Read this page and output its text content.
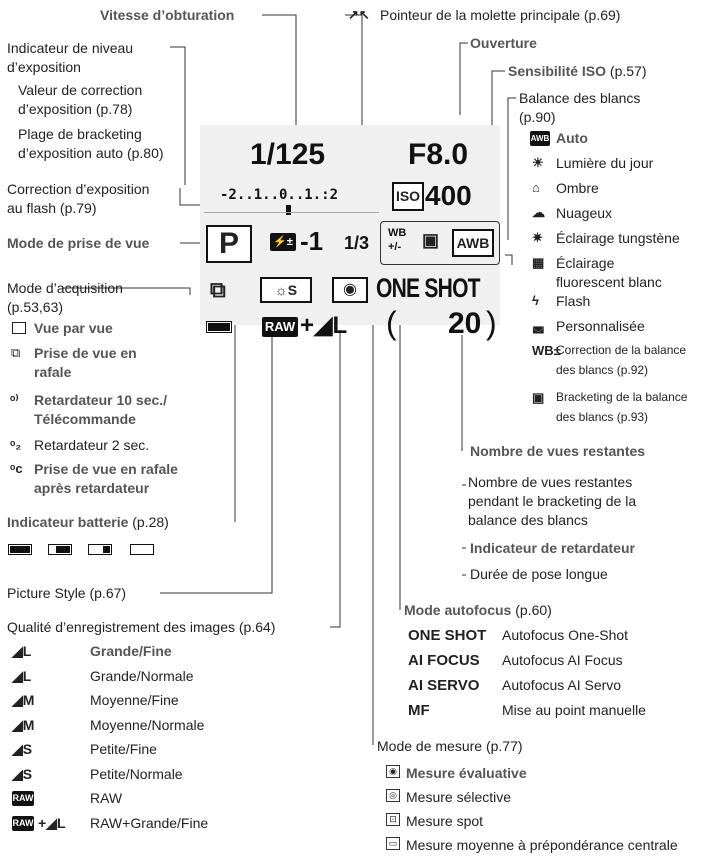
Vitesse d’obturation
Indicateur de niveau
d’exposition
Valeur de correction
d’exposition (p.78)
Plage de bracketing
d’exposition auto (p.80)
Correction d’exposition
au flash (p.79)
Mode de prise de vue
Mode d’acquisition
(p.53,63)
Vue par vue
⧉ Prise de vue en
rafale
ᵒ⁾ Retardateur 10 sec./
Télécommande
ᵒ₂ Retardateur 2 sec.
ᵒᴄ Prise de vue en rafale
après retardateur
Indicateur batterie (p.28)
Picture Style (p.67)
Qualité d’enregistrement des images (p.64)
◢L	Grande/Fine
◢L	Grande/Normale
◢M	Moyenne/Fine
◢M	Moyenne/Normale
◢S	Petite/Fine
◢S	Petite/Normale
RAW	RAW
RAW +◢L RAW+Grande/Fine
1/125	F8.0
-2..1..0..1.:2	ISO 400
P	⚡± -1 1/3 WB
+/- ▣	AWB
⧉	☼S	◉ ONE SHOT
RAW +◢L ( 20 )
↗↖ Pointeur de la molette principale (p.69)
Ouverture
Sensibilité ISO (p.57)
Balance des blancs
(p.90)
AWB Auto
☀ Lumière du jour
⌂ Ombre
☁ Nuageux
✷ Éclairage tungstène
▦ Éclairage
fluorescent blanc
ϟ Flash
◛ Personnalisée
WB±
Correction de la balance
des blancs (p.92)
▣ Bracketing de la balance
des blancs (p.93)
Nombre de vues restantes
Nombre de vues restantes
pendant le bracketing de la
balance des blancs
Indicateur de retardateur
Durée de pose longue
Mode autofocus (p.60)
ONE SHOT Autofocus One-Shot
AI FOCUS Autofocus AI Focus
AI SERVO Autofocus AI Servo
MF	Mise au point manuelle
Mode de mesure (p.77)
◉ Mesure évaluative
◎ Mesure sélective
⊡ Mesure spot
▭ Mesure moyenne à prépondérance centrale
